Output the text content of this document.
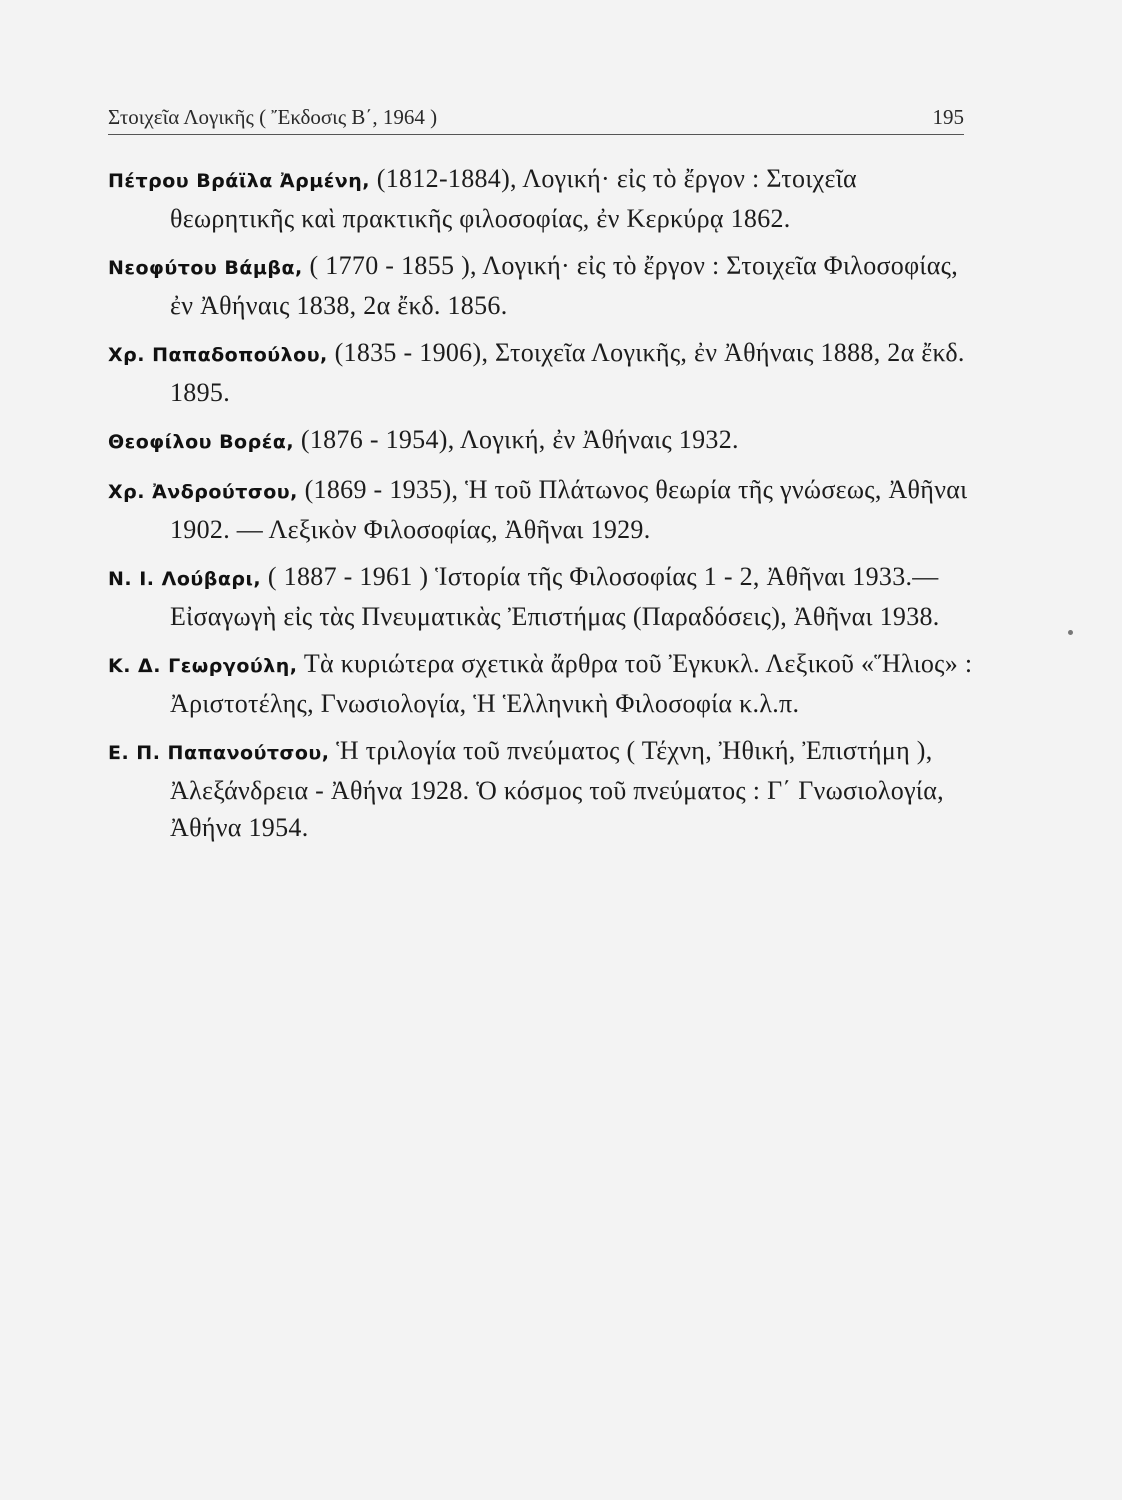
Στοιχεῖα Λογικῆς ( Ἔκδοσις Β΄, 1964 )	195

Πέτρου Βράϊλα Ἀρμένη, (1812-1884), Λογική· εἰς τὸ ἔργον : Στοιχεῖα θεωρητικῆς καὶ πρακτικῆς φιλοσοφίας, ἐν Κερκύρᾳ 1862.

Νεοφύτου Βάμβα, ( 1770 - 1855 ), Λογική· εἰς τὸ ἔργον : Στοιχεῖα Φιλοσοφίας, ἐν Ἀθήναις 1838, 2α ἔκδ. 1856.

Χρ. Παπαδοπούλου, (1835 - 1906), Στοιχεῖα Λογικῆς, ἐν Ἀθήναις 1888, 2α ἔκδ. 1895.

Θεοφίλου Βορέα, (1876 - 1954), Λογική, ἐν Ἀθήναις 1932.

Χρ. Ἀνδρούτσου, (1869 - 1935), Ἡ τοῦ Πλάτωνος θεωρία τῆς γνώσεως, Ἀθῆναι 1902. — Λεξικὸν Φιλοσοφίας, Ἀθῆναι 1929.

Ν. Ι. Λούβαρι, ( 1887 - 1961 ) Ἱστορία τῆς Φιλοσοφίας 1 - 2, Ἀθῆναι 1933.— Εἰσαγωγὴ εἰς τὰς Πνευματικὰς Ἐπιστήμας (Παραδόσεις), Ἀθῆναι 1938.

Κ. Δ. Γεωργούλη, Τὰ κυριώτερα σχετικὰ ἄρθρα τοῦ Ἐγκυκλ. Λεξικοῦ «Ἥλιος» : Ἀριστοτέλης, Γνωσιολογία, Ἡ Ἑλληνικὴ Φιλοσοφία κ.λ.π.

Ε. Π. Παπανούτσου, Ἡ τριλογία τοῦ πνεύματος ( Τέχνη, Ἠθική, Ἐπιστήμη ), Ἀλεξάνδρεια - Ἀθήνα 1928. Ὁ κόσμος τοῦ πνεύματος : Γ΄ Γνωσιολογία, Ἀθήνα 1954.
